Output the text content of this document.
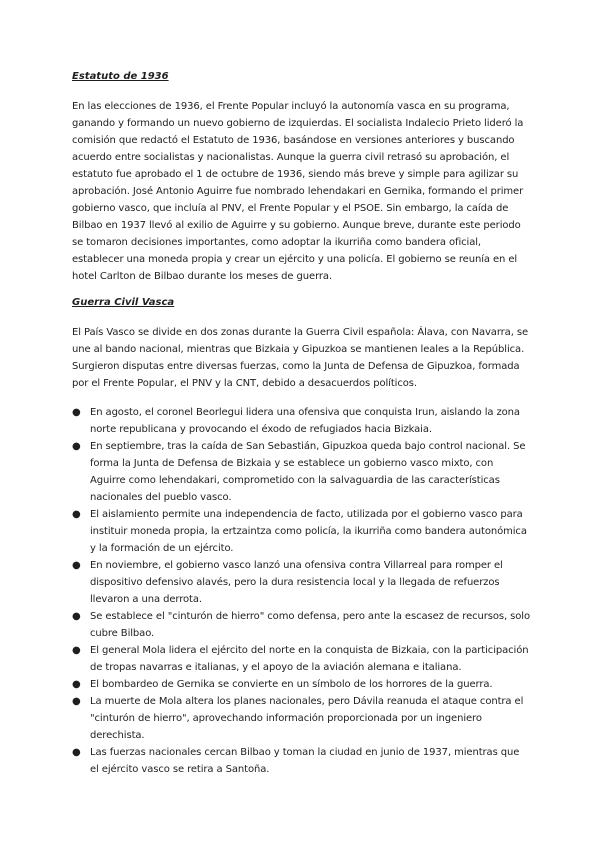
Estatuto de 1936

En las elecciones de 1936, el Frente Popular incluyó la autonomía vasca en su programa, ganando y formando un nuevo gobierno de izquierdas. El socialista Indalecio Prieto lideró la comisión que redactó el Estatuto de 1936, basándose en versiones anteriores y buscando acuerdo entre socialistas y nacionalistas. Aunque la guerra civil retrasó su aprobación, el estatuto fue aprobado el 1 de octubre de 1936, siendo más breve y simple para agilizar su aprobación. José Antonio Aguirre fue nombrado lehendakari en Gernika, formando el primer gobierno vasco, que incluía al PNV, el Frente Popular y el PSOE. Sin embargo, la caída de Bilbao en 1937 llevó al exilio de Aguirre y su gobierno. Aunque breve, durante este periodo se tomaron decisiones importantes, como adoptar la ikurriña como bandera oficial, establecer una moneda propia y crear un ejército y una policía. El gobierno se reunía en el hotel Carlton de Bilbao durante los meses de guerra.

Guerra Civil Vasca

El País Vasco se divide en dos zonas durante la Guerra Civil española: Álava, con Navarra, se une al bando nacional, mientras que Bizkaia y Gipuzkoa se mantienen leales a la República. Surgieron disputas entre diversas fuerzas, como la Junta de Defensa de Gipuzkoa, formada por el Frente Popular, el PNV y la CNT, debido a desacuerdos políticos.

● En agosto, el coronel Beorlegui lidera una ofensiva que conquista Irun, aislando la zona norte republicana y provocando el éxodo de refugiados hacia Bizkaia.
● En septiembre, tras la caída de San Sebastián, Gipuzkoa queda bajo control nacional. Se forma la Junta de Defensa de Bizkaia y se establece un gobierno vasco mixto, con Aguirre como lehendakari, comprometido con la salvaguardia de las características nacionales del pueblo vasco.
● El aislamiento permite una independencia de facto, utilizada por el gobierno vasco para instituir moneda propia, la ertzaintza como policía, la ikurriña como bandera autonómica y la formación de un ejército.
● En noviembre, el gobierno vasco lanzó una ofensiva contra Villarreal para romper el dispositivo defensivo alavés, pero la dura resistencia local y la llegada de refuerzos llevaron a una derrota.
● Se establece el "cinturón de hierro" como defensa, pero ante la escasez de recursos, solo cubre Bilbao.
● El general Mola lidera el ejército del norte en la conquista de Bizkaia, con la participación de tropas navarras e italianas, y el apoyo de la aviación alemana e italiana.
● El bombardeo de Gernika se convierte en un símbolo de los horrores de la guerra.
● La muerte de Mola altera los planes nacionales, pero Dávila reanuda el ataque contra el "cinturón de hierro", aprovechando información proporcionada por un ingeniero derechista.
● Las fuerzas nacionales cercan Bilbao y toman la ciudad en junio de 1937, mientras que el ejército vasco se retira a Santoña.
